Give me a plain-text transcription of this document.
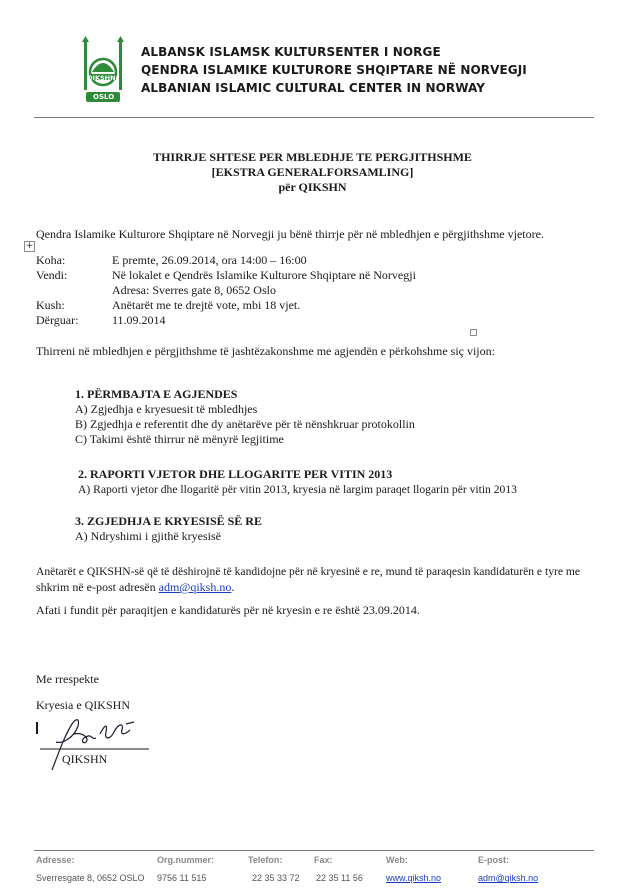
QIKSHN
OSLO
ALBANSK ISLAMSK KULTURSENTER I NORGE
QENDRA ISLAMIKE KULTURORE SHQIPTARE NË NORVEGJI
ALBANIAN ISLAMIC CULTURAL CENTER IN NORWAY
THIRRJE SHTESE PER MBLEDHJE TE PERGJITHSHME
[EKSTRA GENERALFORSAMLING]
për QIKSHN
Qendra Islamike Kulturore Shqiptare në Norvegji ju bënë thirrje për në mbledhjen e përgjithshme vjetore.
+
Koha:	E premte, 26.09.2014, ora 14:00 – 16:00
Vendi:	Në lokalet e Qendrës Islamike Kulturore Shqiptare në Norvegji
Adresa: Sverres gate 8, 0652 Oslo
Kush:	Anëtarët me te drejtë vote, mbi 18 vjet.
Dërguar:	11.09.2014
Thirreni në mbledhjen e përgjithshme të jashtëzakonshme me agjendën e përkohshme siç vijon:
1. PËRMBAJTA E AGJENDES
A) Zgjedhja e kryesuesit të mbledhjes
B) Zgjedhja e referentit dhe dy anëtarëve për të nënshkruar protokollin
C) Takimi është thirrur në mënyrë legjitime
2. RAPORTI VJETOR DHE LLOGARITE PER VITIN 2013
A) Raporti vjetor dhe llogaritë për vitin 2013, kryesia në largim paraqet llogarin për vitin 2013
3. ZGJEDHJA E KRYESISË SË RE
A) Ndryshimi i gjithë kryesisë
Anëtarët e QIKSHN-së që të dëshirojnë të kandidojne për në kryesinë e re, mund të paraqesin kandidaturën e tyre me
shkrim në e-post adresën adm@qiksh.no.
Afati i fundit për paraqitjen e kandidaturës për në kryesin e re është 23.09.2014.
Me rrespekte
Kryesia e QIKSHN
QIKSHN
Adresse:
Sverresgate 8, 0652 OSLO
Org.nummer:
9756 11 515
Telefon:
22 35 33 72
Fax:
22 35 11 56
Web:
www.qiksh.no
E-post:
adm@qiksh.no
